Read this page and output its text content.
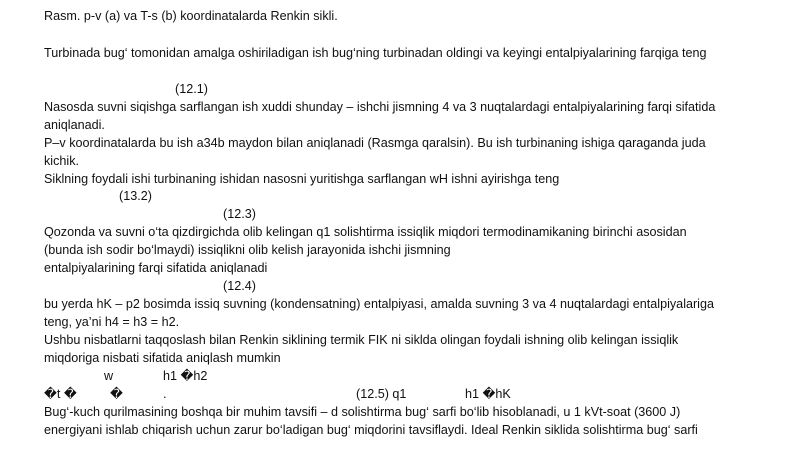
Rasm. p-v (a) va T-s (b) koordinatalarda Renkin sikli.
Turbinada bug‘ tomonidan amalga oshiriladigan ish bug‘ning turbinadan oldingi va keyingi entalpiyalarining farqiga teng
(12.1)
Nasosda suvni siqishga sarflangan ish xuddi shunday – ishchi jismning 4 va 3 nuqtalardagi entalpiyalarining farqi sifatida
aniqlanadi.
P–v koordinatalarda bu ish a34b maydon bilan aniqlanadi (Rasmga qaralsin). Bu ish turbinaning ishiga qaraganda juda
kichik.
Siklning foydali ishi turbinaning ishidan nasosni yuritishga sarflangan wH ishni ayirishga teng
(13.2)
(12.3)
Qozonda va suvni o‘ta qizdirgichda olib kelingan q1 solishtirma issiqlik miqdori termodinamikaning birinchi asosidan
(bunda ish sodir bo‘lmaydi) issiqlikni olib kelish jarayonida ishchi jismning
entalpiyalarining farqi sifatida aniqlanadi
(12.4)
bu yerda hK – p2 bosimda issiq suvning (kondensatning) entalpiyasi, amalda suvning 3 va 4 nuqtalardagi entalpiyalariga
teng, ya’ni h4 = h3 = h2.
Ushbu nisbatlarni taqqoslash bilan Renkin siklining termik FIK ni siklda olingan foydali ishning olib kelingan issiqlik
miqdoriga nisbati sifatida aniqlash mumkin
w	h1 �h2
�t �	�	.	(12.5) q1	h1 �hK
Bug‘-kuch qurilmasining boshqa bir muhim tavsifi – d solishtirma bug‘ sarfi bo‘lib hisoblanadi, u 1 kVt-soat (3600 J)
energiyani ishlab chiqarish uchun zarur bo‘ladigan bug‘ miqdorini tavsiflaydi. Ideal Renkin siklida solishtirma bug‘ sarfi
